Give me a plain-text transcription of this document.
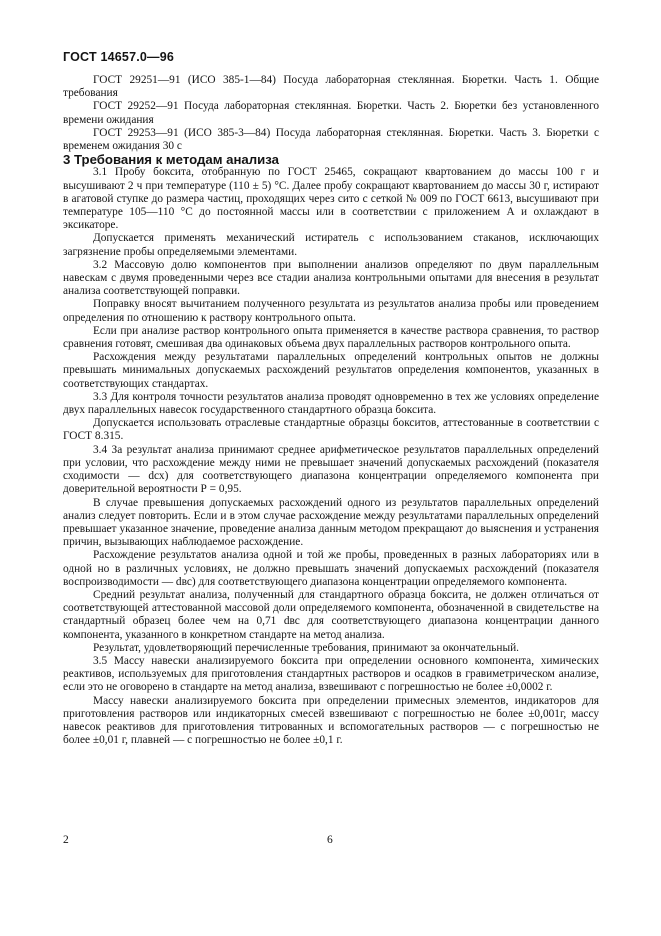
ГОСТ 14657.0—96

ГОСТ 29251—91 (ИСО 385-1—84) Посуда лабораторная стеклянная. Бюретки. Часть 1. Общие требования

ГОСТ 29252—91 Посуда лабораторная стеклянная. Бюретки. Часть 2. Бюретки без установленного времени ожидания

ГОСТ 29253—91 (ИСО 385-3—84) Посуда лабораторная стеклянная. Бюретки. Часть 3. Бюретки с временем ожидания 30 с

3 Требования к методам анализа

3.1 Пробу боксита, отобранную по ГОСТ 25465, сокращают квартованием до массы 100 г и высушивают 2 ч при температуре (110 ± 5) °С. Далее пробу сокращают квартованием до массы 30 г, истирают в агатовой ступке до размера частиц, проходящих через сито с сеткой № 009 по ГОСТ 6613, высушивают при температуре 105—110 °С до постоянной массы или в соответствии с приложением А и охлаждают в эксикаторе.

Допускается применять механический истиратель с использованием стаканов, исключающих загрязнение пробы определяемыми элементами.

3.2 Массовую долю компонентов при выполнении анализов определяют по двум параллельным навескам с двумя проведенными через все стадии анализа контрольными опытами для внесения в результат анализа соответствующей поправки.

Поправку вносят вычитанием полученного результата из результатов анализа пробы или проведением определения по отношению к раствору контрольного опыта.

Если при анализе раствор контрольного опыта применяется в качестве раствора сравнения, то раствор сравнения готовят, смешивая два одинаковых объема двух параллельных растворов контрольного опыта.

Расхождения между результатами параллельных определений контрольных опытов не должны превышать минимальных допускаемых расхождений результатов определения компонентов, указанных в соответствующих стандартах.

3.3 Для контроля точности результатов анализа проводят одновременно в тех же условиях определение двух параллельных навесок государственного стандартного образца боксита.

Допускается использовать отраслевые стандартные образцы бокситов, аттестованные в соответствии с ГОСТ 8.315.

3.4 За результат анализа принимают среднее арифметическое результатов параллельных определений при условии, что расхождение между ними не превышает значений допускаемых расхождений (показателя сходимости — dсх) для соответствующего диапазона концентрации определяемого компонента при доверительной вероятности Р = 0,95.

В случае превышения допускаемых расхождений одного из результатов параллельных определений анализ следует повторить. Если и в этом случае расхождение между результатами параллельных определений превышает указанное значение, проведение анализа данным методом прекращают до выяснения и устранения причин, вызывающих наблюдаемое расхождение.

Расхождение результатов анализа одной и той же пробы, проведенных в разных лабораториях или в одной но в различных условиях, не должно превышать значений допускаемых расхождений (показателя воспроизводимости — dвс) для соответствующего диапазона концентрации определяемого компонента.

Средний результат анализа, полученный для стандартного образца боксита, не должен отличаться от соответствующей аттестованной массовой доли определяемого компонента, обозначенной в свидетельстве на стандартный образец более чем на 0,71 dвс для соответствующего диапазона концентрации данного компонента, указанного в конкретном стандарте на метод анализа.

Результат, удовлетворяющий перечисленные требования, принимают за окончательный.

3.5 Массу навески анализируемого боксита при определении основного компонента, химических реактивов, используемых для приготовления стандартных растворов и осадков в гравиметрическом анализе, если это не оговорено в стандарте на метод анализа, взвешивают с погрешностью не более ±0,0002 г.

Массу навески анализируемого боксита при определении примесных элементов, индикаторов для приготовления растворов или индикаторных смесей взвешивают с погрешностью не более ±0,001г, массу навесок реактивов для приготовления титрованных и вспомогательных растворов — с погрешностью не более ±0,01 г, плавней — с погрешностью не более ±0,1 г.

2	6
